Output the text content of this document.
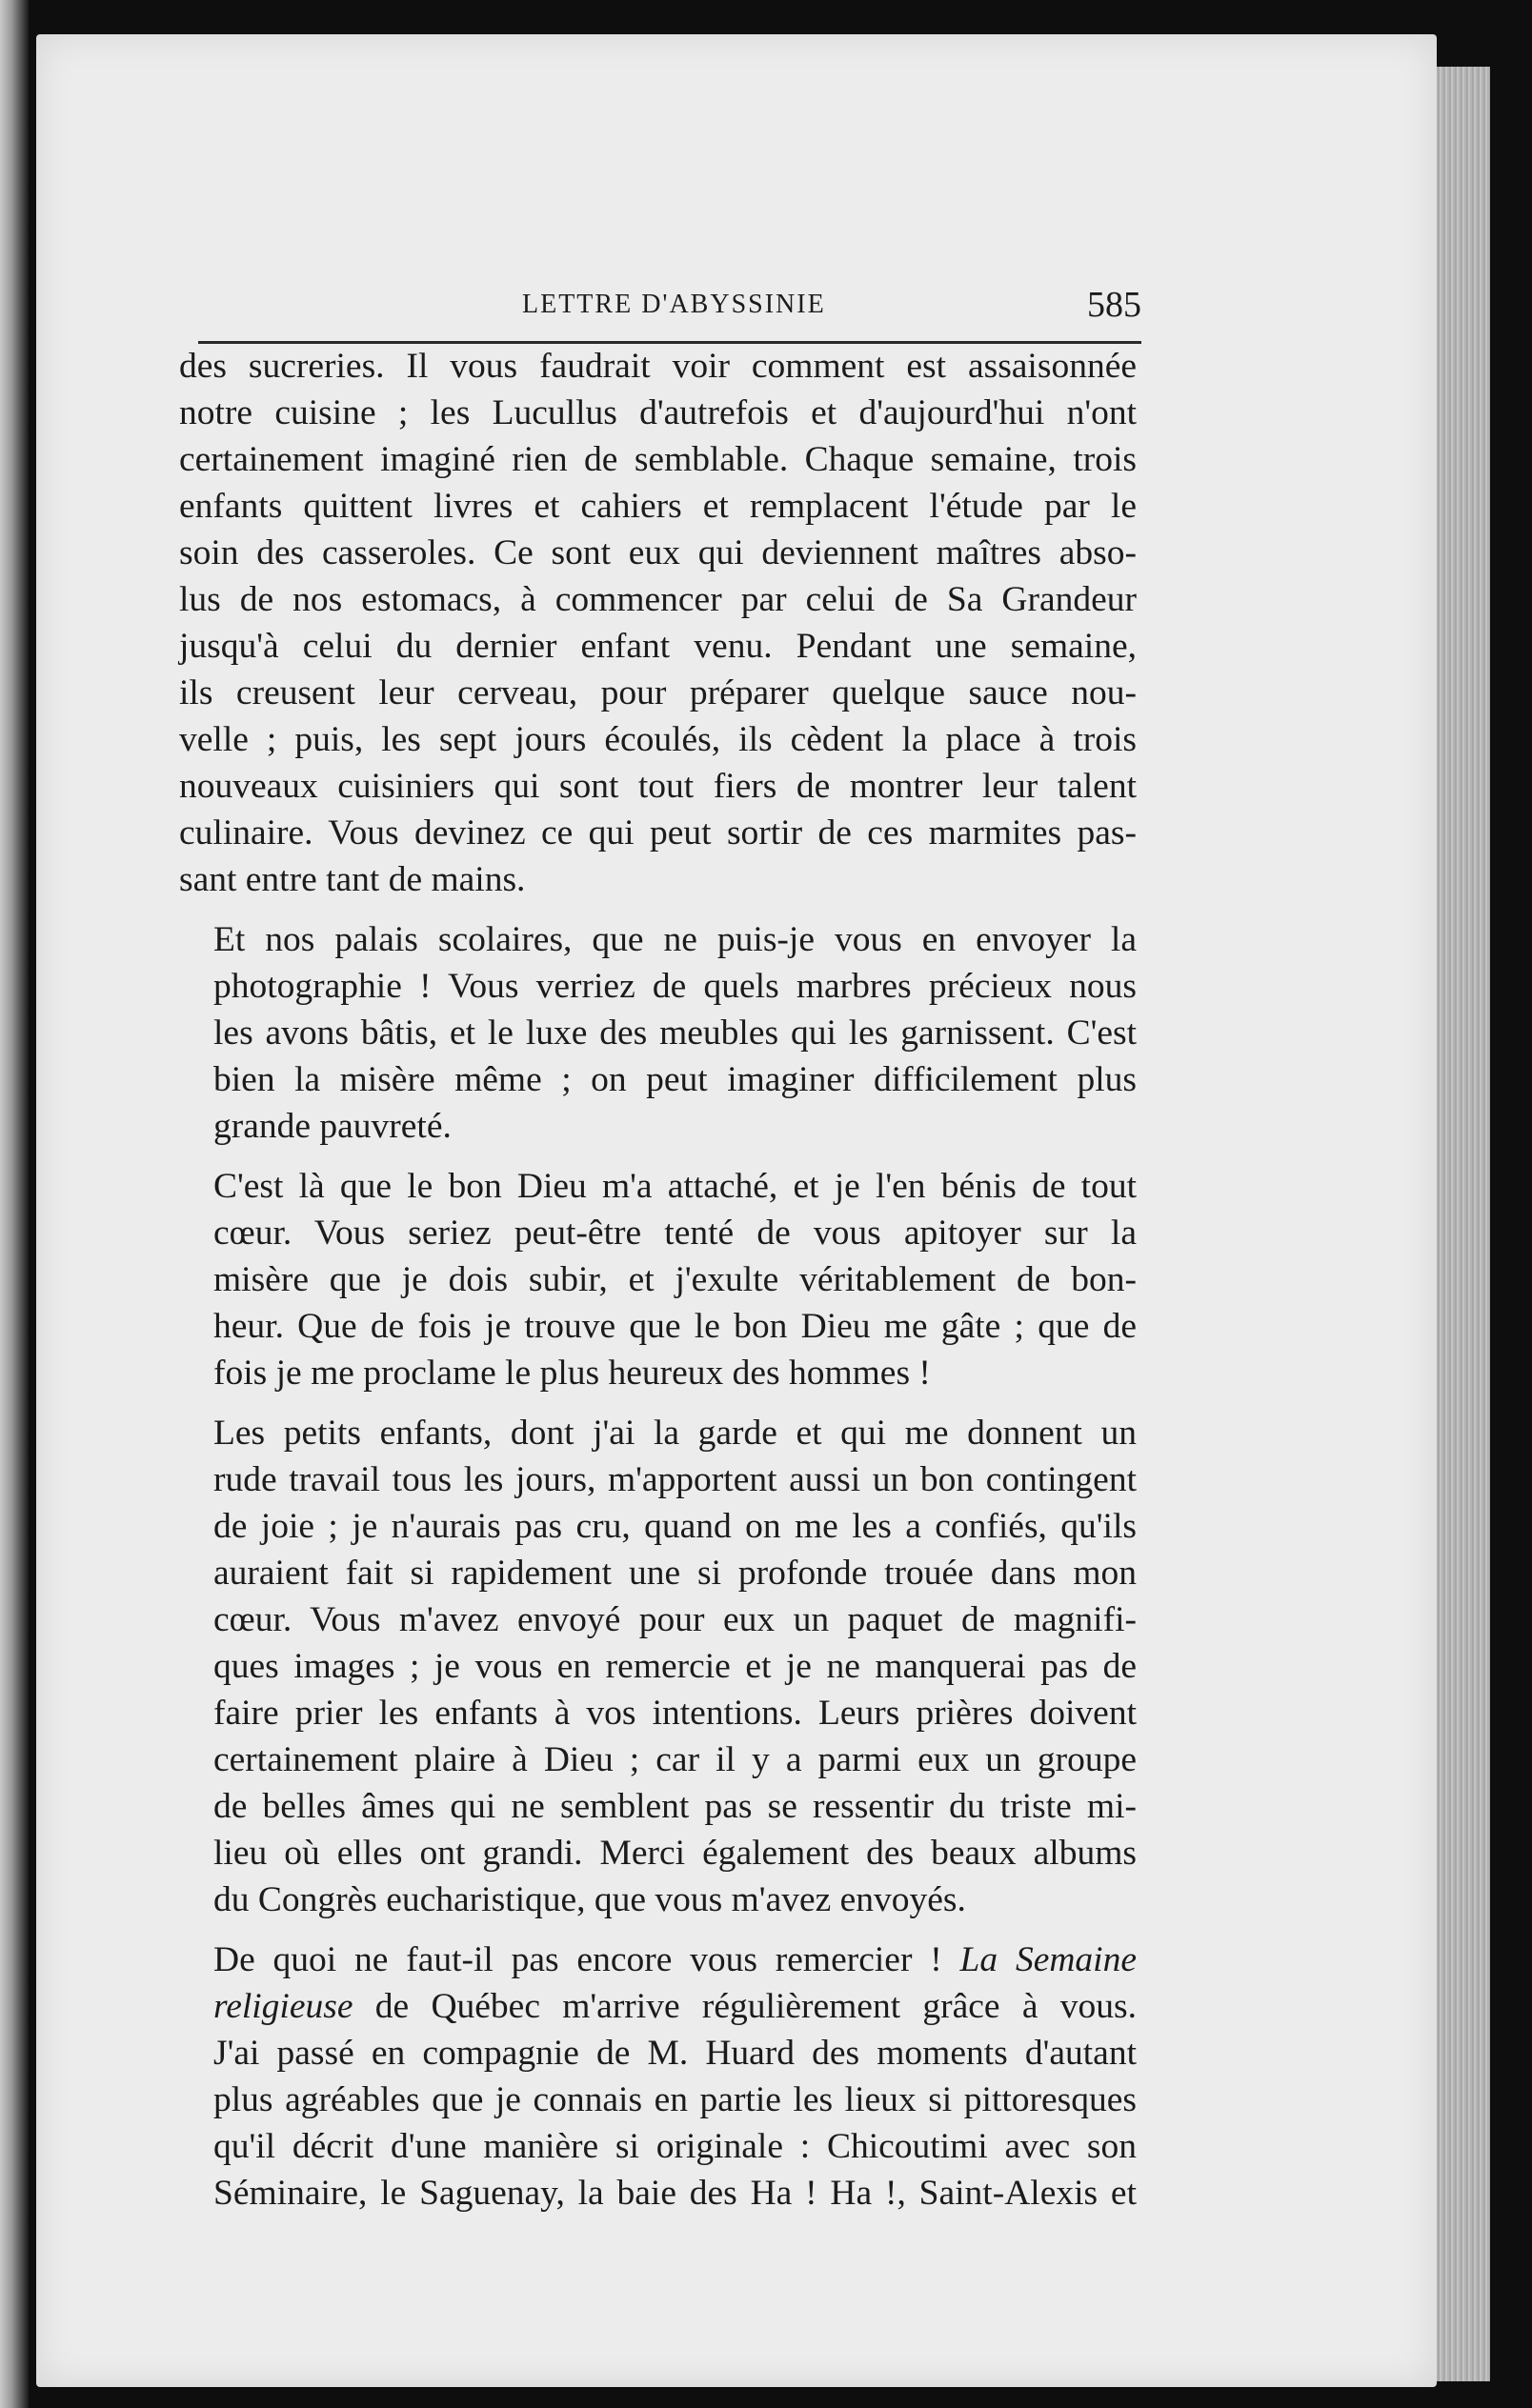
LETTRE D'ABYSSINIE	585

des sucreries. Il vous faudrait voir comment est assaisonnée
notre cuisine ; les Lucullus d'autrefois et d'aujourd'hui n'ont
certainement imaginé rien de semblable. Chaque semaine, trois
enfants quittent livres et cahiers et remplacent l'étude par le
soin des casseroles. Ce sont eux qui deviennent maîtres abso-
lus de nos estomacs, à commencer par celui de Sa Grandeur
jusqu'à celui du dernier enfant venu. Pendant une semaine,
ils creusent leur cerveau, pour préparer quelque sauce nou-
velle ; puis, les sept jours écoulés, ils cèdent la place à trois
nouveaux cuisiniers qui sont tout fiers de montrer leur talent
culinaire. Vous devinez ce qui peut sortir de ces marmites pas-
sant entre tant de mains.

Et nos palais scolaires, que ne puis-je vous en envoyer la
photographie ! Vous verriez de quels marbres précieux nous
les avons bâtis, et le luxe des meubles qui les garnissent. C'est
bien la misère même ; on peut imaginer difficilement plus
grande pauvreté.

C'est là que le bon Dieu m'a attaché, et je l'en bénis de tout
cœur. Vous seriez peut-être tenté de vous apitoyer sur la
misère que je dois subir, et j'exulte véritablement de bon-
heur. Que de fois je trouve que le bon Dieu me gâte ; que de
fois je me proclame le plus heureux des hommes !

Les petits enfants, dont j'ai la garde et qui me donnent un
rude travail tous les jours, m'apportent aussi un bon contingent
de joie ; je n'aurais pas cru, quand on me les a confiés, qu'ils
auraient fait si rapidement une si profonde trouée dans mon
cœur. Vous m'avez envoyé pour eux un paquet de magnifi-
ques images ; je vous en remercie et je ne manquerai pas de
faire prier les enfants à vos intentions. Leurs prières doivent
certainement plaire à Dieu ; car il y a parmi eux un groupe
de belles âmes qui ne semblent pas se ressentir du triste mi-
lieu où elles ont grandi. Merci également des beaux albums
du Congrès eucharistique, que vous m'avez envoyés.

De quoi ne faut-il pas encore vous remercier ! La Semaine
religieuse de Québec m'arrive régulièrement grâce à vous.
J'ai passé en compagnie de M. Huard des moments d'autant
plus agréables que je connais en partie les lieux si pittoresques
qu'il décrit d'une manière si originale : Chicoutimi avec son
Séminaire, le Saguenay, la baie des Ha ! Ha !, Saint-Alexis et
